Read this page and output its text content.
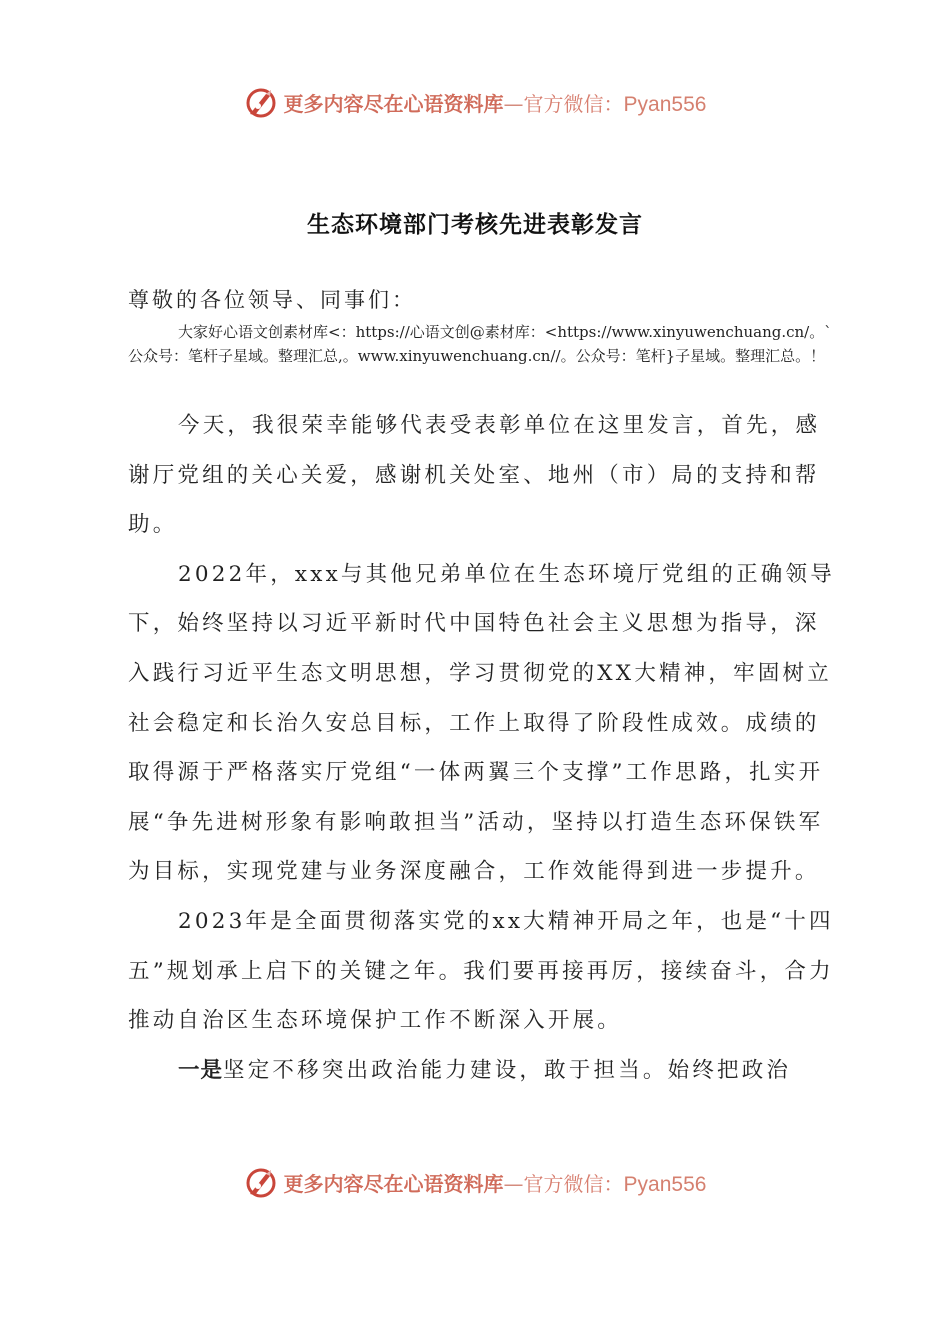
更多内容尽在心语资料库—官方微信：Pyan556
生态环境部门考核先进表彰发言
尊敬的各位领导、同事们：
大家好心语文创素材库<：https://心语文创@素材库：<https://www.xinyuwenchuang.cn/。`公众号：笔杆子星域。整理汇总,。www.xinyuwenchuang.cn//。公众号：笔杆}子星域。整理汇总。！

今天，我很荣幸能够代表受表彰单位在这里发言，首先，感谢厅党组的关心关爱，感谢机关处室、地州（市）局的支持和帮助。

2022年，xxx与其他兄弟单位在生态环境厅党组的正确领导下，始终坚持以习近平新时代中国特色社会主义思想为指导，深入践行习近平生态文明思想，学习贯彻党的XX大精神，牢固树立社会稳定和长治久安总目标，工作上取得了阶段性成效。成绩的取得源于严格落实厅党组“一体两翼三个支撑”工作思路，扎实开展“争先进树形象有影响敢担当”活动，坚持以打造生态环保铁军为目标，实现党建与业务深度融合，工作效能得到进一步提升。

2023年是全面贯彻落实党的xx大精神开局之年，也是“十四五”规划承上启下的关键之年。我们要再接再厉，接续奋斗，合力推动自治区生态环境保护工作不断深入开展。

一是坚定不移突出政治能力建设，敢于担当。始终把政治

更多内容尽在心语资料库—官方微信：Pyan556
